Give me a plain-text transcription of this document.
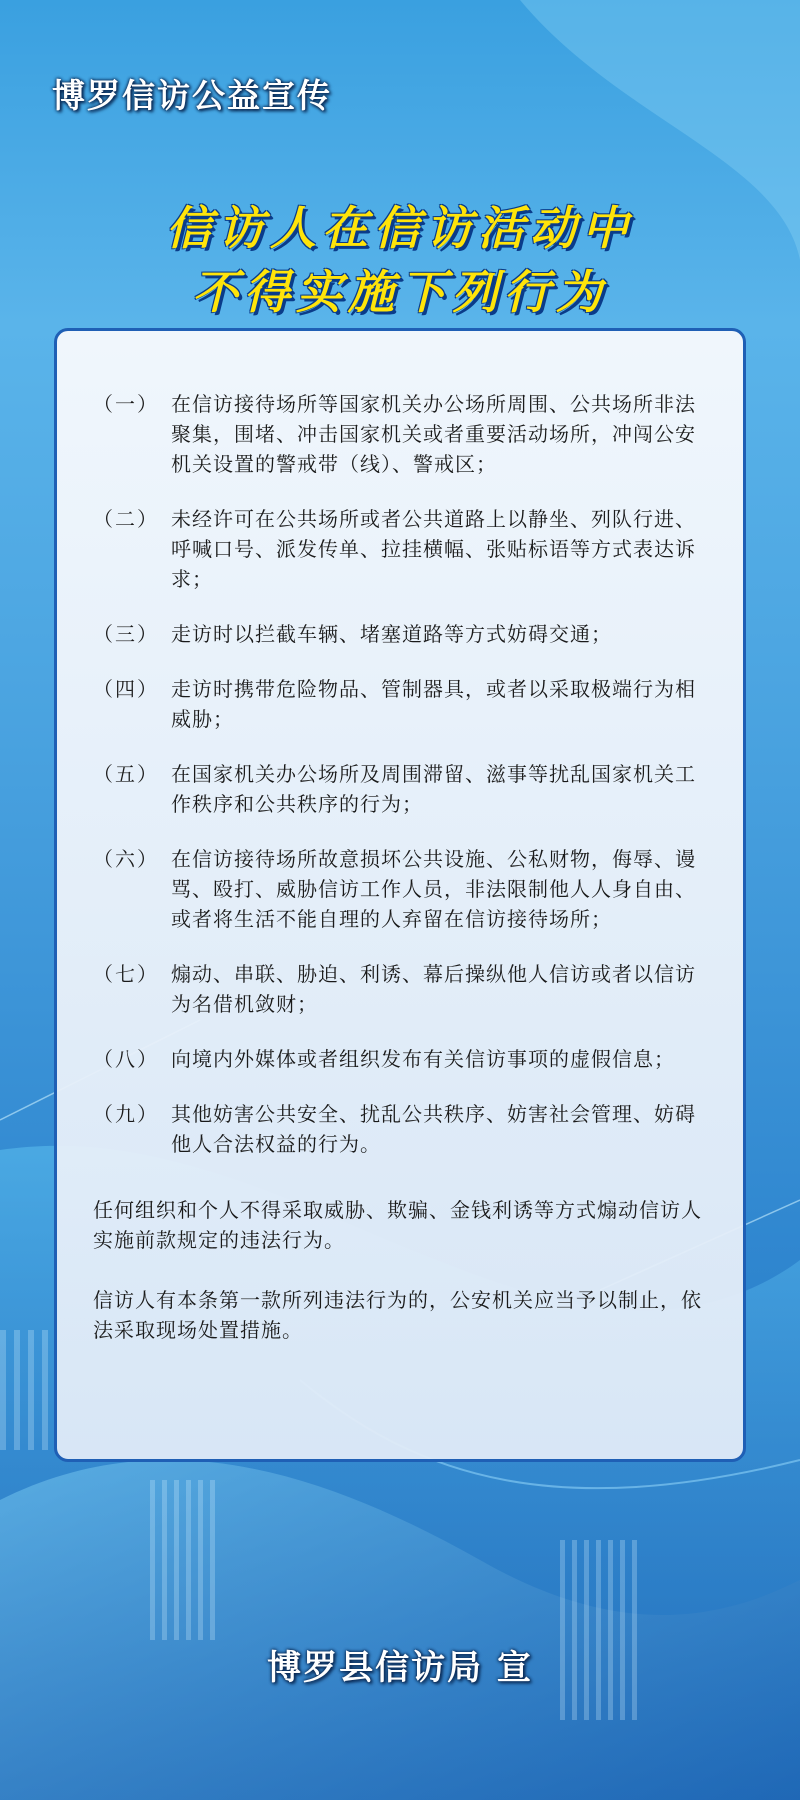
博罗信访公益宣传
信访人在信访活动中
不得实施下列行为
（一） 在信访接待场所等国家机关办公场所周围、公共场所非法聚集，围堵、冲击国家机关或者重要活动场所，冲闯公安机关设置的警戒带（线）、警戒区；
（二） 未经许可在公共场所或者公共道路上以静坐、列队行进、呼喊口号、派发传单、拉挂横幅、张贴标语等方式表达诉求；
（三） 走访时以拦截车辆、堵塞道路等方式妨碍交通；
（四） 走访时携带危险物品、管制器具，或者以采取极端行为相威胁；
（五） 在国家机关办公场所及周围滞留、滋事等扰乱国家机关工作秩序和公共秩序的行为；
（六） 在信访接待场所故意损坏公共设施、公私财物，侮辱、谩骂、殴打、威胁信访工作人员，非法限制他人人身自由、或者将生活不能自理的人弃留在信访接待场所；
（七） 煽动、串联、胁迫、利诱、幕后操纵他人信访或者以信访为名借机敛财；
（八） 向境内外媒体或者组织发布有关信访事项的虚假信息；
（九） 其他妨害公共安全、扰乱公共秩序、妨害社会管理、妨碍他人合法权益的行为。
任何组织和个人不得采取威胁、欺骗、金钱利诱等方式煽动信访人实施前款规定的违法行为。
信访人有本条第一款所列违法行为的，公安机关应当予以制止，依法采取现场处置措施。
博罗县信访局 宣
